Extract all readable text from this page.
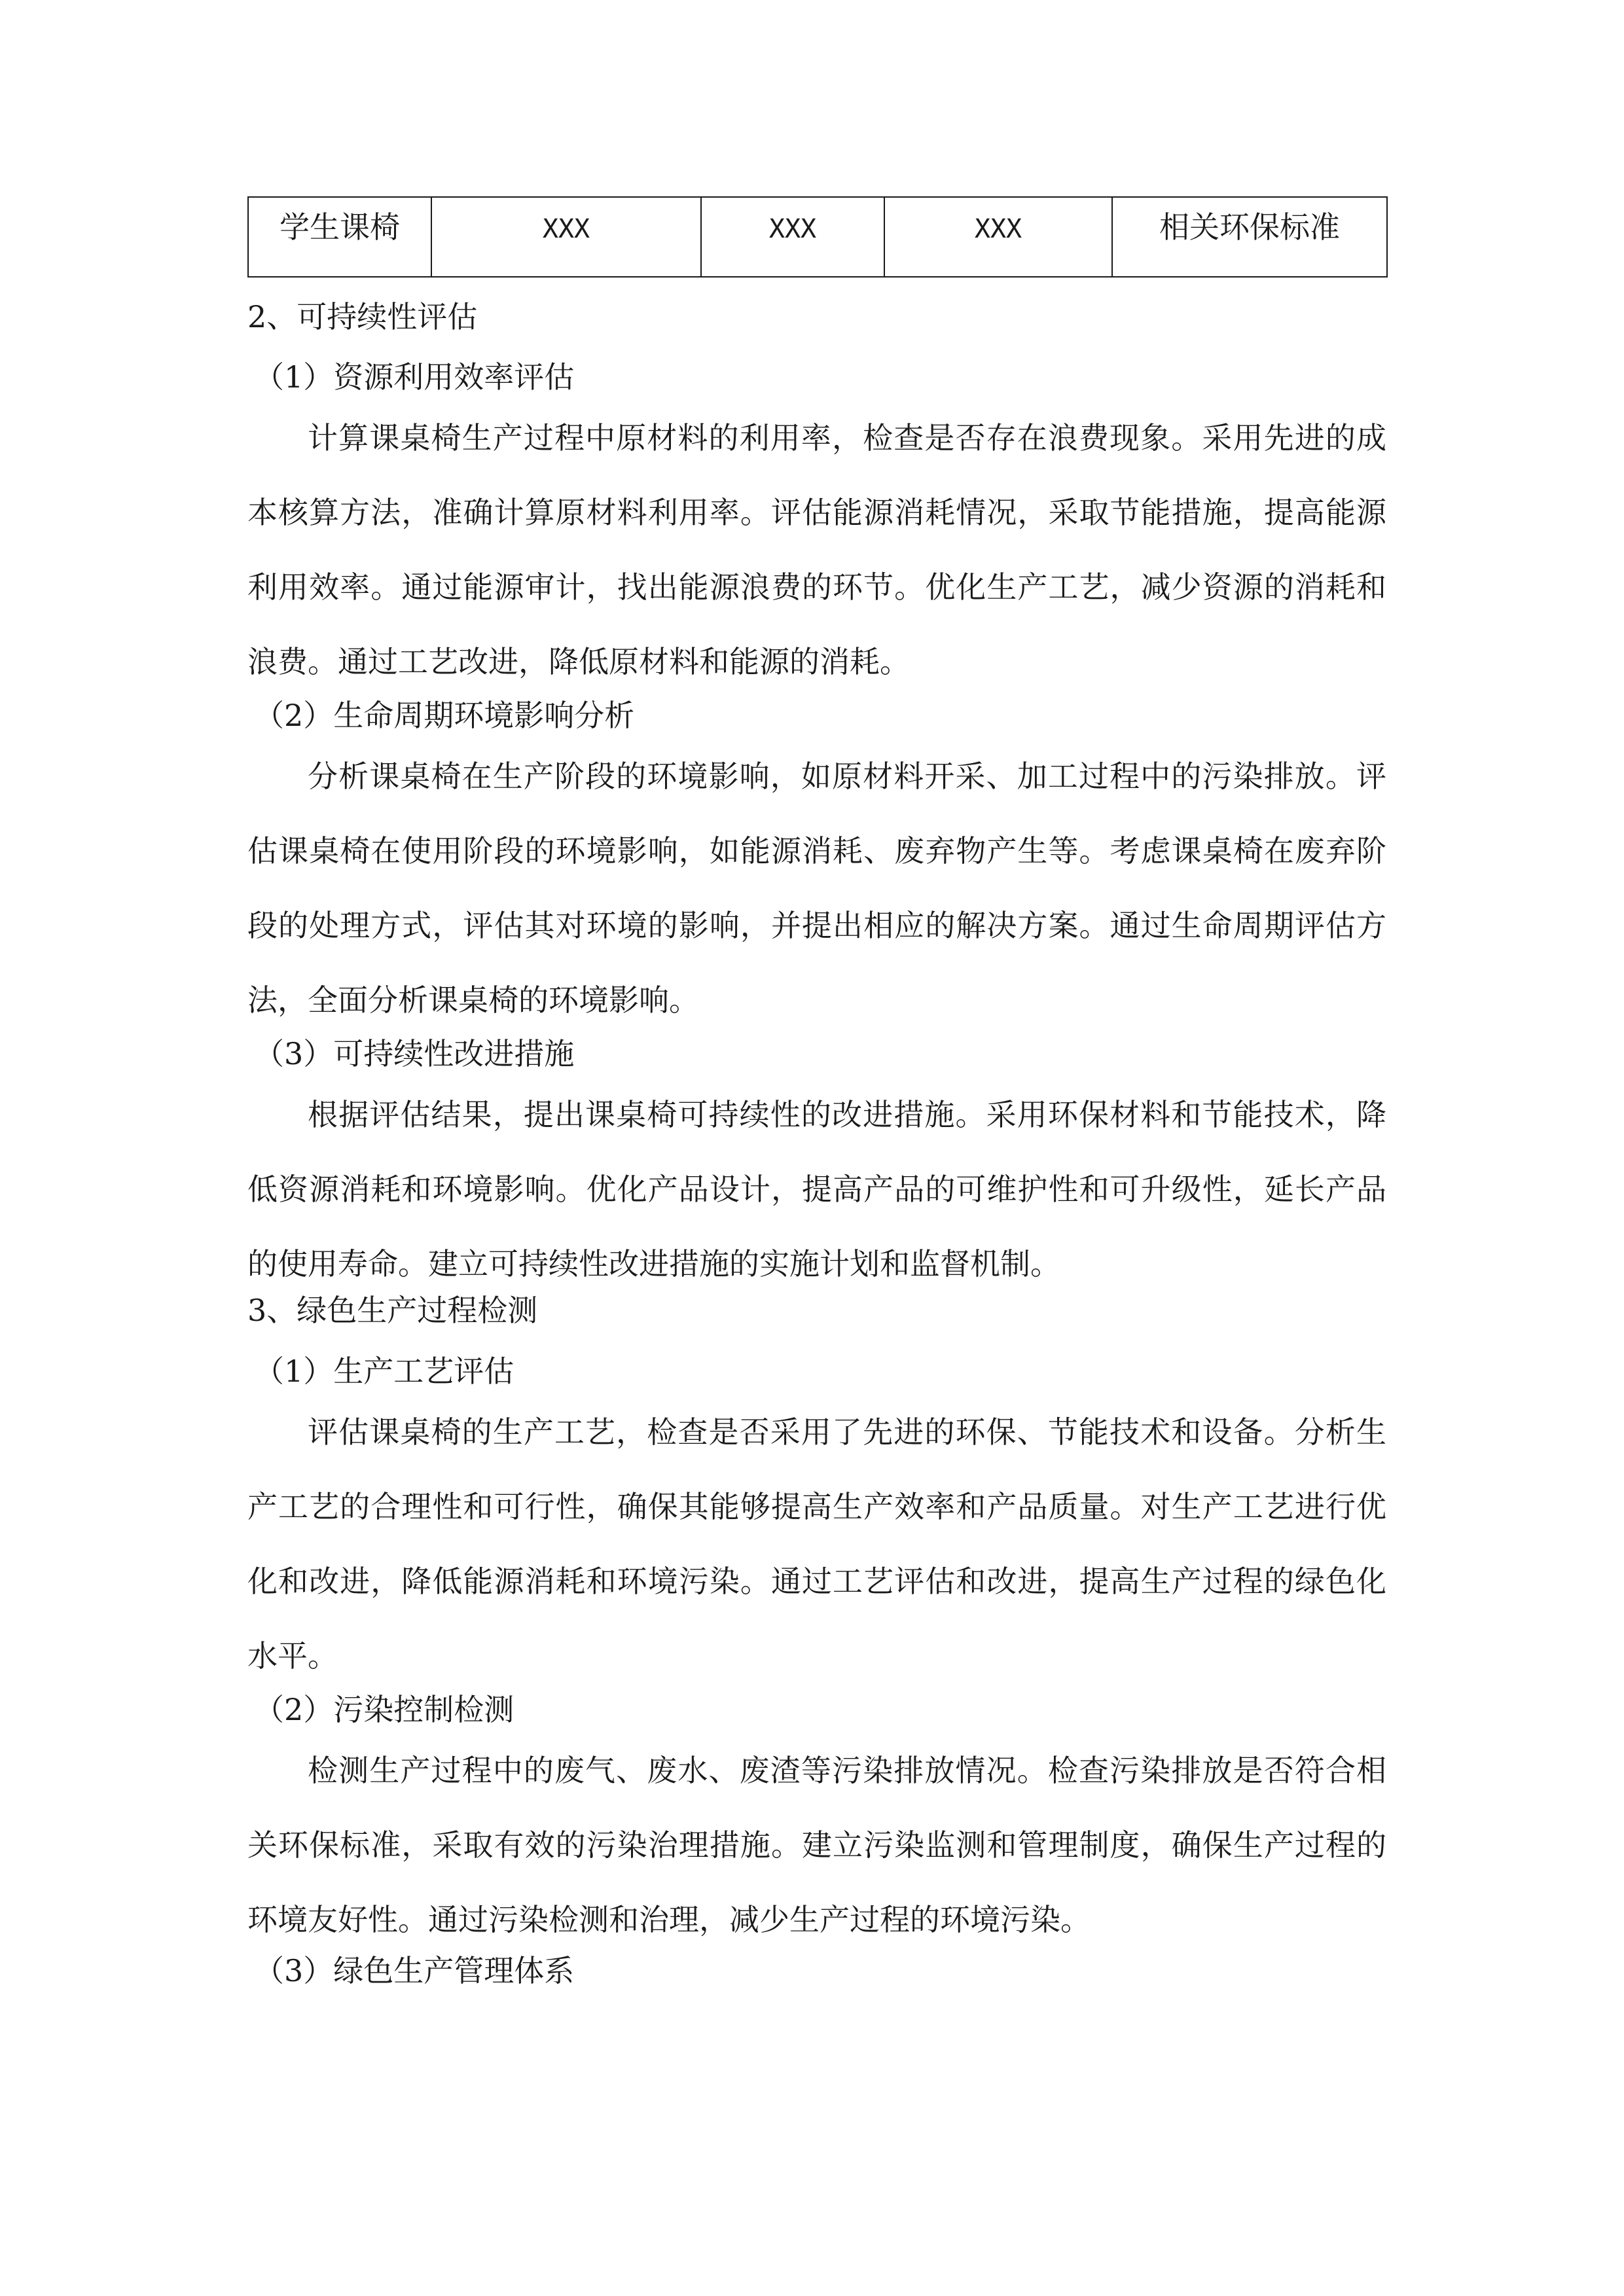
学生课椅	XXX	XXX	XXX	相关环保标准
2、可持续性评估
（1）资源利用效率评估

计算课桌椅生产过程中原材料的利用率，检查是否存在浪费现象。采用先进的成本核算方法，准确计算原材料利用率。评估能源消耗情况，采取节能措施，提高能源利用效率。通过能源审计，找出能源浪费的环节。优化生产工艺，减少资源的消耗和浪费。通过工艺改进，降低原材料和能源的消耗。

（2）生命周期环境影响分析

分析课桌椅在生产阶段的环境影响，如原材料开采、加工过程中的污染排放。评估课桌椅在使用阶段的环境影响，如能源消耗、废弃物产生等。考虑课桌椅在废弃阶段的处理方式，评估其对环境的影响，并提出相应的解决方案。通过生命周期评估方法，全面分析课桌椅的环境影响。

（3）可持续性改进措施

根据评估结果，提出课桌椅可持续性的改进措施。采用环保材料和节能技术，降低资源消耗和环境影响。优化产品设计，提高产品的可维护性和可升级性，延长产品的使用寿命。建立可持续性改进措施的实施计划和监督机制。

3、绿色生产过程检测
（1）生产工艺评估

评估课桌椅的生产工艺，检查是否采用了先进的环保、节能技术和设备。分析生产工艺的合理性和可行性，确保其能够提高生产效率和产品质量。对生产工艺进行优化和改进，降低能源消耗和环境污染。通过工艺评估和改进，提高生产过程的绿色化水平。

（2）污染控制检测

检测生产过程中的废气、废水、废渣等污染排放情况。检查污染排放是否符合相关环保标准，采取有效的污染治理措施。建立污染监测和管理制度，确保生产过程的环境友好性。通过污染检测和治理，减少生产过程的环境污染。

（3）绿色生产管理体系
